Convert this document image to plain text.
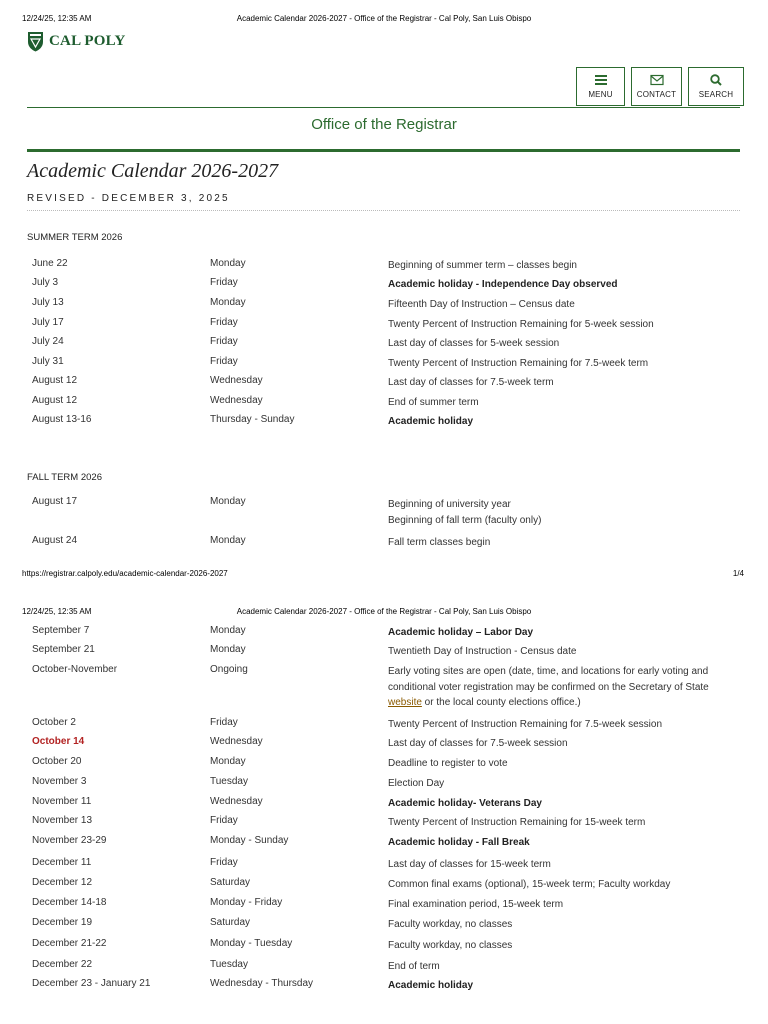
12/24/25, 12:35 AM	Academic Calendar 2026-2027 - Office of the Registrar - Cal Poly, San Luis Obispo
CAL POLY
MENU	CONTACT	SEARCH
Office of the Registrar
Academic Calendar 2026-2027
REVISED - DECEMBER 3, 2025
SUMMER TERM 2026
June 22	Monday	Beginning of summer term – classes begin
July 3	Friday	Academic holiday - Independence Day observed
July 13	Monday	Fifteenth Day of Instruction – Census date
July 17	Friday	Twenty Percent of Instruction Remaining for 5-week session
July 24	Friday	Last day of classes for 5-week session
July 31	Friday	Twenty Percent of Instruction Remaining for 7.5-week term
August 12	Wednesday	Last day of classes for 7.5-week term
August 12	Wednesday	End of summer term
August 13-16	Thursday - Sunday	Academic holiday
FALL TERM 2026
August 17	Monday	Beginning of university year
Beginning of fall term (faculty only)
August 24	Monday	Fall term classes begin
https://registrar.calpoly.edu/academic-calendar-2026-2027	1/4
12/24/25, 12:35 AM	Academic Calendar 2026-2027 - Office of the Registrar - Cal Poly, San Luis Obispo
September 7	Monday	Academic holiday – Labor Day
September 21	Monday	Twentieth Day of Instruction - Census date
October-November	Ongoing	Early voting sites are open (date, time, and locations for early voting and
conditional voter registration may be confirmed on the Secretary of State
website or the local county elections office.)
October 2	Friday	Twenty Percent of Instruction Remaining for 7.5-week session
October 14	Wednesday	Last day of classes for 7.5-week session
October 20	Monday	Deadline to register to vote
November 3	Tuesday	Election Day
November 11	Wednesday	Academic holiday- Veterans Day
November 13	Friday	Twenty Percent of Instruction Remaining for 15-week term
November 23-29	Monday - Sunday	Academic holiday - Fall Break
December 11	Friday	Last day of classes for 15-week term
December 12	Saturday	Common final exams (optional), 15-week term; Faculty workday
December 14-18	Monday - Friday	Final examination period, 15-week term
December 19	Saturday	Faculty workday, no classes
December 21-22	Monday - Tuesday	Faculty workday, no classes
December 22	Tuesday	End of term
December 23 - January 21	Wednesday - Thursday	Academic holiday
